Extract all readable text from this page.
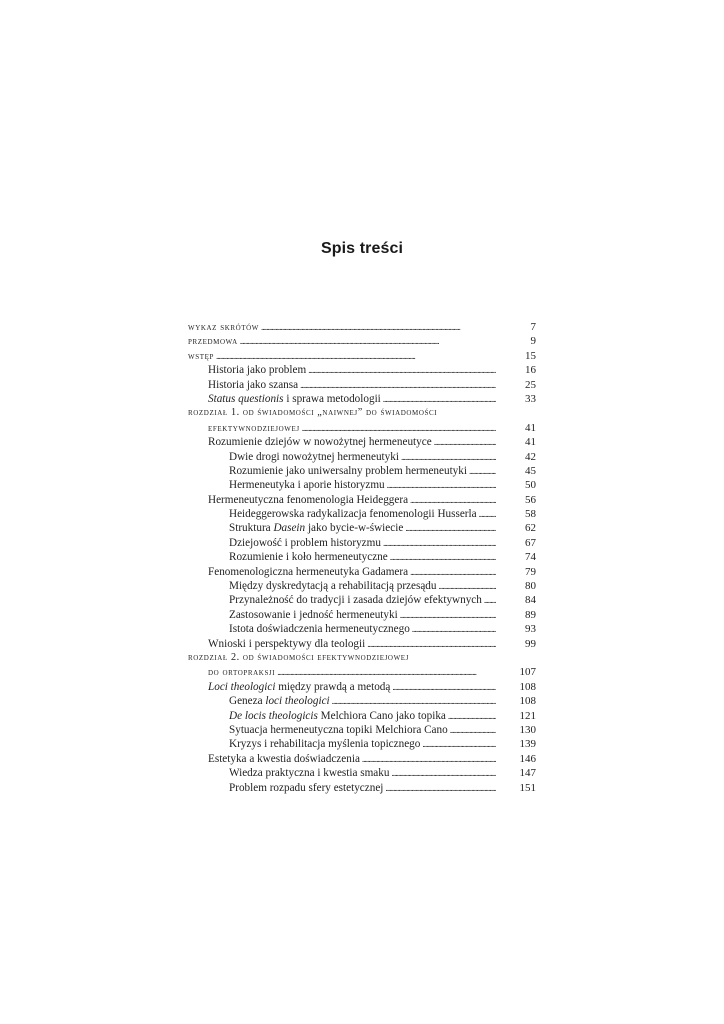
Spis treści
wykaz skrótów . . .	7
przedmowa . . .	9
wstęp . . .	15
Historia jako problem . . .	16
Historia jako szansa . . .	25
Status questionis i sprawa metodologii . . .	33
rozdział 1. od świadomości „naiwnej” do świadomości
efektywnodziejowej . . .	41
Rozumienie dziejów w nowożytnej hermeneutyce . . .	41
Dwie drogi nowożytnej hermeneutyki . . .	42
Rozumienie jako uniwersalny problem hermeneutyki . . .	45
Hermeneutyka i aporie historyzmu . . .	50
Hermeneutyczna fenomenologia Heideggera . . .	56
Heideggerowska radykalizacja fenomenologii Husserla . . .	58
Struktura Dasein jako bycie-w-świecie . . .	62
Dziejowość i problem historyzmu . . .	67
Rozumienie i koło hermeneutyczne . . .	74
Fenomenologiczna hermeneutyka Gadamera . . .	79
Między dyskredytacją a rehabilitacją przesądu . . .	80
Przynależność do tradycji i zasada dziejów efektywnych . . .	84
Zastosowanie i jedność hermeneutyki . . .	89
Istota doświadczenia hermeneutycznego . . .	93
Wnioski i perspektywy dla teologii . . .	99
rozdział 2. od świadomości efektywnodziejowej
do ortopraksji . . .	107
Loci theologici między prawdą a metodą . . .	108
Geneza loci theologici . . .	108
De locis theologicis Melchiora Cano jako topika . . .	121
Sytuacja hermeneutyczna topiki Melchiora Cano . . .	130
Kryzys i rehabilitacja myślenia topicznego . . .	139
Estetyka a kwestia doświadczenia . . .	146
Wiedza praktyczna i kwestia smaku . . .	147
Problem rozpadu sfery estetycznej . . .	151
